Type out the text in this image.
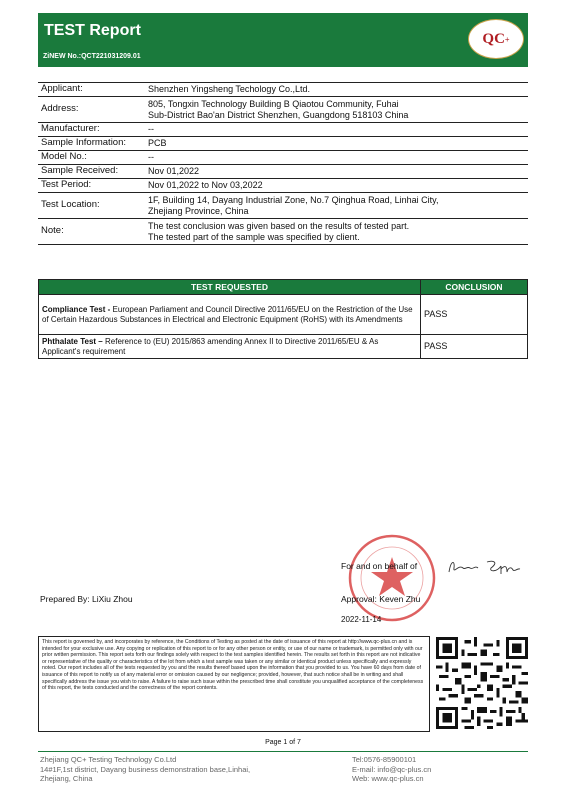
TEST Report
ZiNEW No.:QCT221031209.01
QC +
Applicant:	Shenzhen Yingsheng Techology Co.,Ltd.
Address:	805, Tongxin Technology Building B Qiaotou Community, Fuhai
Sub-District Bao'an District Shenzhen, Guangdong 518103 China

Manufacturer:	--
Sample Information:	PCB
Model No.:	--
Sample Received:	Nov 01,2022
Test Period:	Nov 01,2022 to Nov 03,2022
Test Location:	1F, Building 14, Dayang Industrial Zone, No.7 Qinghua Road, Linhai City,
Zhejiang Province, China

Note:	The test conclusion was given based on the results of tested part.
The tested part of the sample was specified by client.
TEST REQUESTED	CONCLUSION
Compliance Test - European Parliament and Council Directive 2011/65/EU on the Restriction of the Use of Certain Hazardous Substances in Electrical and Electronic Equipment (RoHS) with its Amendments	PASS
Phthalate Test – Reference to (EU) 2015/863 amending Annex II to Directive 2011/65/EU & As Applicant's requirement	PASS
Prepared By: LiXiu Zhou
For and on behalf of
Approval: Keven Zhu
2022-11-14
This report is governed by, and incorporates by reference, the Conditions of Testing as posted at the date of issuance of this report at http://www.qc-plus.cn and is intended for your exclusive use. Any copying or replication of this report to or for any other person or entity, or use of our name or trademark, is permitted only with our prior written permission. This report sets forth our findings solely with respect to the test samples identified herein. The results set forth in this report are not indicative or representative of the quality or characteristics of the lot from which a test sample was taken or any similar or identical product unless specifically and expressly noted. Our report includes all of the tests requested by you and the results thereof based upon the information that you provided to us. You have 60 days from date of issuance of this report to notify us of any material error or omission caused by our negligence; provided, however, that such notice shall be in writing and shall specifically address the issue you wish to raise. A failure to raise such issue within the prescribed time shall constitute you unqualified acceptance of the completeness of this report, the tests conducted and the correctness of the report contents.
Page 1 of 7
Zhejiang QC+ Testing Technology Co.Ltd
14#1F,1st district, Dayang business demonstration base,Linhai,
Zhejiang, China
Tel:0576-85900101
E-mail: info@qc-plus.cn
Web: www.qc-plus.cn
